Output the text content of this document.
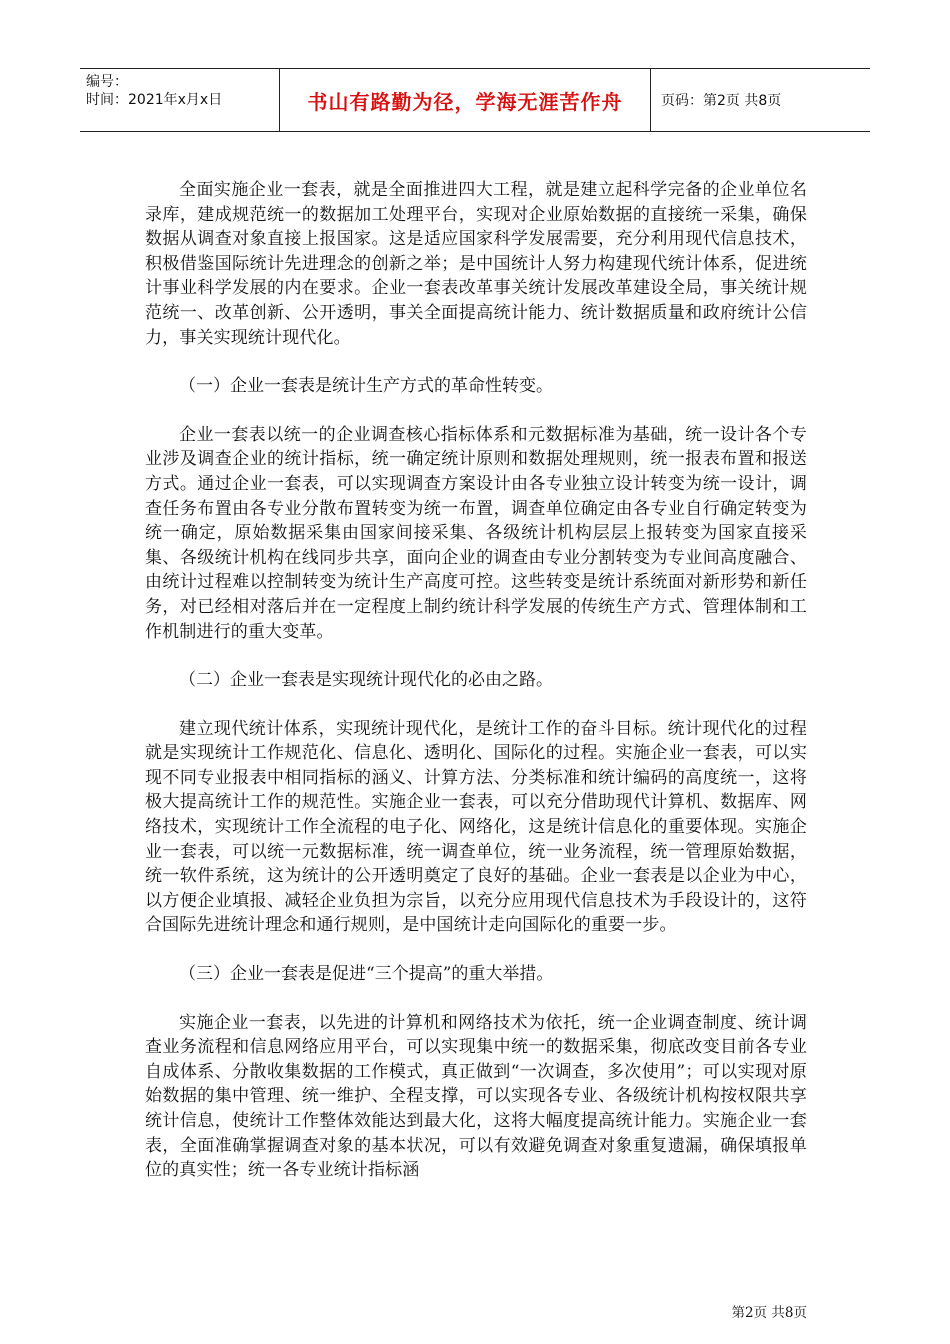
编号：
时间：2021年x月x日	书山有路勤为径，学海无涯苦作舟	页码：第2页 共8页

全面实施企业一套表，就是全面推进四大工程，就是建立起科学完备的企业单位名录库，建成规范统一的数据加工处理平台，实现对企业原始数据的直接统一采集，确保数据从调查对象直接上报国家。这是适应国家科学发展需要，充分利用现代信息技术，积极借鉴国际统计先进理念的创新之举；是中国统计人努力构建现代统计体系，促进统计事业科学发展的内在要求。企业一套表改革事关统计发展改革建设全局，事关统计规范统一、改革创新、公开透明，事关全面提高统计能力、统计数据质量和政府统计公信力，事关实现统计现代化。

（一）企业一套表是统计生产方式的革命性转变。

企业一套表以统一的企业调查核心指标体系和元数据标准为基础，统一设计各个专业涉及调查企业的统计指标，统一确定统计原则和数据处理规则，统一报表布置和报送方式。通过企业一套表，可以实现调查方案设计由各专业独立设计转变为统一设计，调查任务布置由各专业分散布置转变为统一布置，调查单位确定由各专业自行确定转变为统一确定，原始数据采集由国家间接采集、各级统计机构层层上报转变为国家直接采集、各级统计机构在线同步共享，面向企业的调查由专业分割转变为专业间高度融合、由统计过程难以控制转变为统计生产高度可控。这些转变是统计系统面对新形势和新任务，对已经相对落后并在一定程度上制约统计科学发展的传统生产方式、管理体制和工作机制进行的重大变革。

（二）企业一套表是实现统计现代化的必由之路。

建立现代统计体系，实现统计现代化，是统计工作的奋斗目标。统计现代化的过程就是实现统计工作规范化、信息化、透明化、国际化的过程。实施企业一套表，可以实现不同专业报表中相同指标的涵义、计算方法、分类标准和统计编码的高度统一，这将极大提高统计工作的规范性。实施企业一套表，可以充分借助现代计算机、数据库、网络技术，实现统计工作全流程的电子化、网络化，这是统计信息化的重要体现。实施企业一套表，可以统一元数据标准，统一调查单位，统一业务流程，统一管理原始数据，统一软件系统，这为统计的公开透明奠定了良好的基础。企业一套表是以企业为中心，以方便企业填报、减轻企业负担为宗旨，以充分应用现代信息技术为手段设计的，这符合国际先进统计理念和通行规则，是中国统计走向国际化的重要一步。

（三）企业一套表是促进“三个提高”的重大举措。

实施企业一套表，以先进的计算机和网络技术为依托，统一企业调查制度、统计调查业务流程和信息网络应用平台，可以实现集中统一的数据采集，彻底改变目前各专业自成体系、分散收集数据的工作模式，真正做到“一次调查，多次使用”；可以实现对原始数据的集中管理、统一维护、全程支撑，可以实现各专业、各级统计机构按权限共享统计信息，使统计工作整体效能达到最大化，这将大幅度提高统计能力。实施企业一套表，全面准确掌握调查对象的基本状况，可以有效避免调查对象重复遗漏，确保填报单位的真实性；统一各专业统计指标涵

第2页 共8页
